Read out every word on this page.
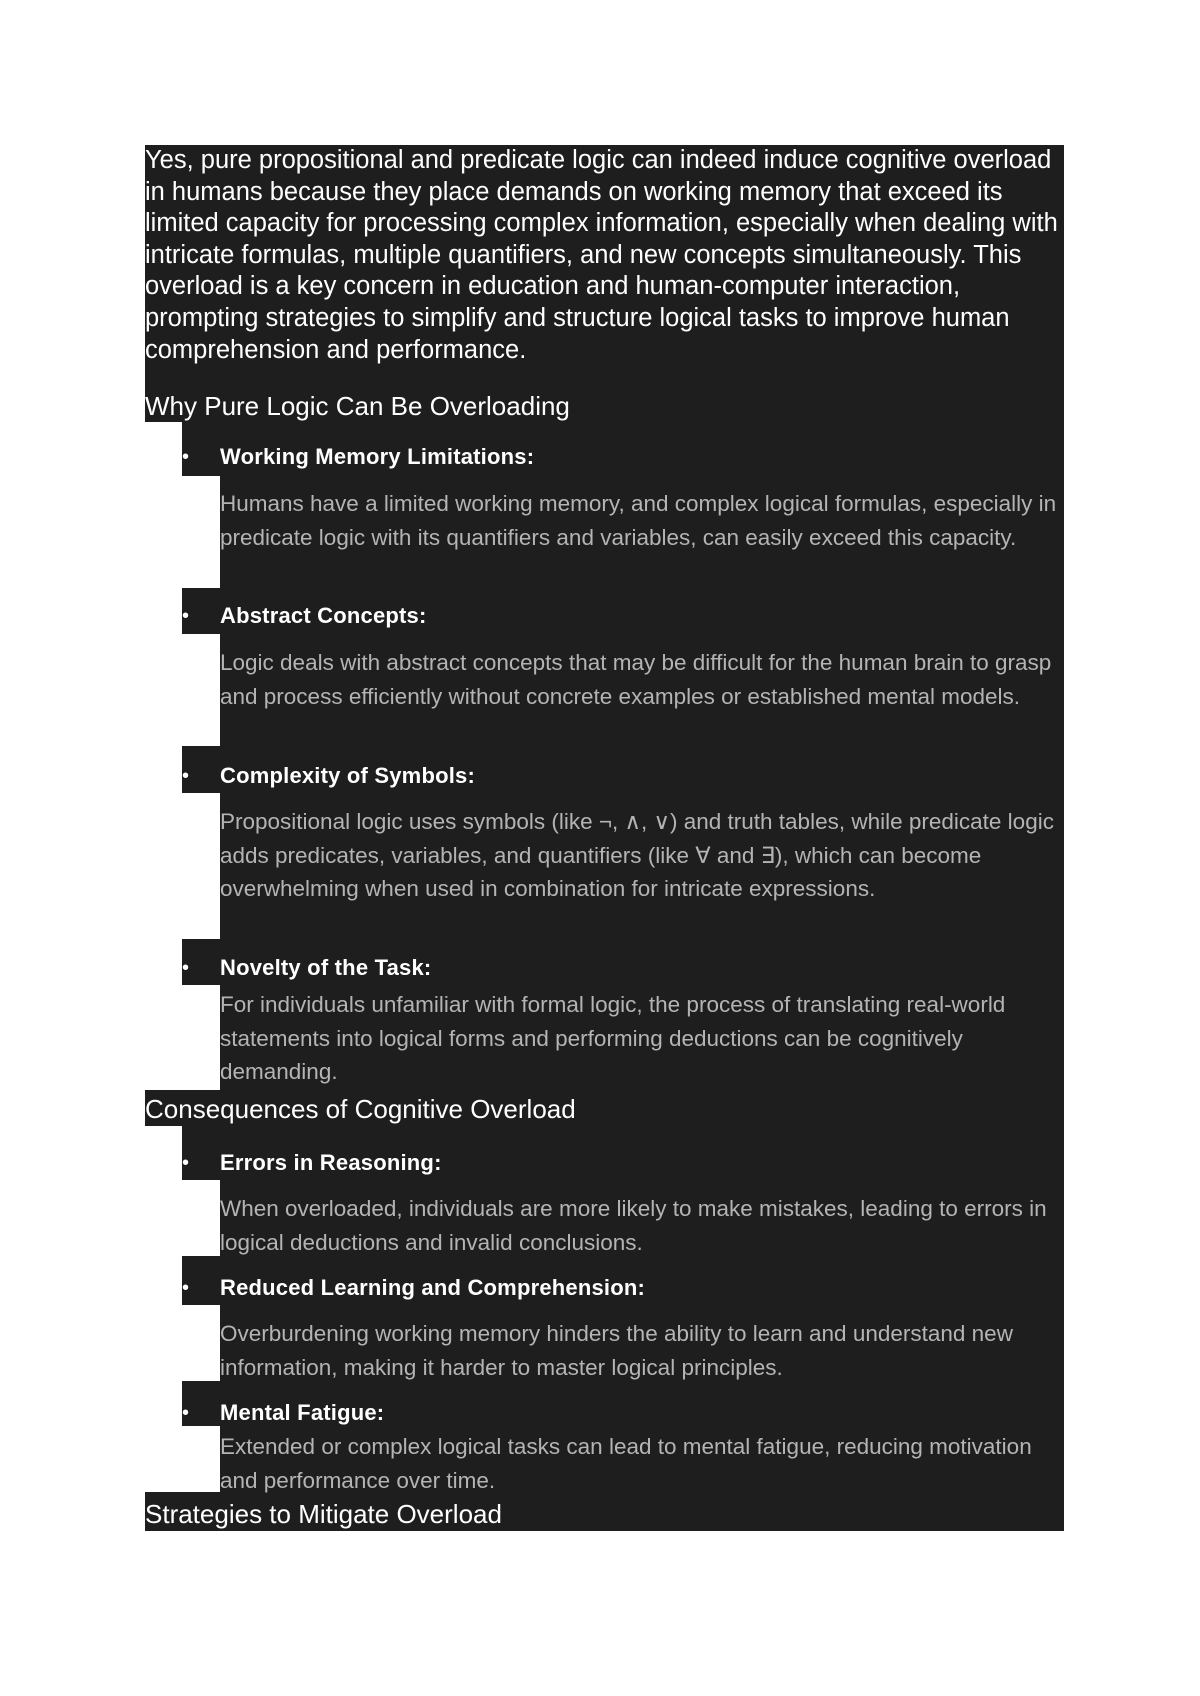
Yes, pure propositional and predicate logic can indeed induce cognitive overload in humans because they place demands on working memory that exceed its limited capacity for processing complex information, especially when dealing with intricate formulas, multiple quantifiers, and new concepts simultaneously. This overload is a key concern in education and human-computer interaction, prompting strategies to simplify and structure logical tasks to improve human comprehension and performance.
Why Pure Logic Can Be Overloading
•	Working Memory Limitations:
Humans have a limited working memory, and complex logical formulas, especially in predicate logic with its quantifiers and variables, can easily exceed this capacity.
•	Abstract Concepts:
Logic deals with abstract concepts that may be difficult for the human brain to grasp and process efficiently without concrete examples or established mental models.
•	Complexity of Symbols:
Propositional logic uses symbols (like ¬, ∧, ∨) and truth tables, while predicate logic adds predicates, variables, and quantifiers (like ∀ and ∃), which can become overwhelming when used in combination for intricate expressions.
•	Novelty of the Task:
For individuals unfamiliar with formal logic, the process of translating real-world statements into logical forms and performing deductions can be cognitively demanding.
Consequences of Cognitive Overload
•	Errors in Reasoning:
When overloaded, individuals are more likely to make mistakes, leading to errors in logical deductions and invalid conclusions.
•	Reduced Learning and Comprehension:
Overburdening working memory hinders the ability to learn and understand new information, making it harder to master logical principles.
•	Mental Fatigue:
Extended or complex logical tasks can lead to mental fatigue, reducing motivation and performance over time.
Strategies to Mitigate Overload
